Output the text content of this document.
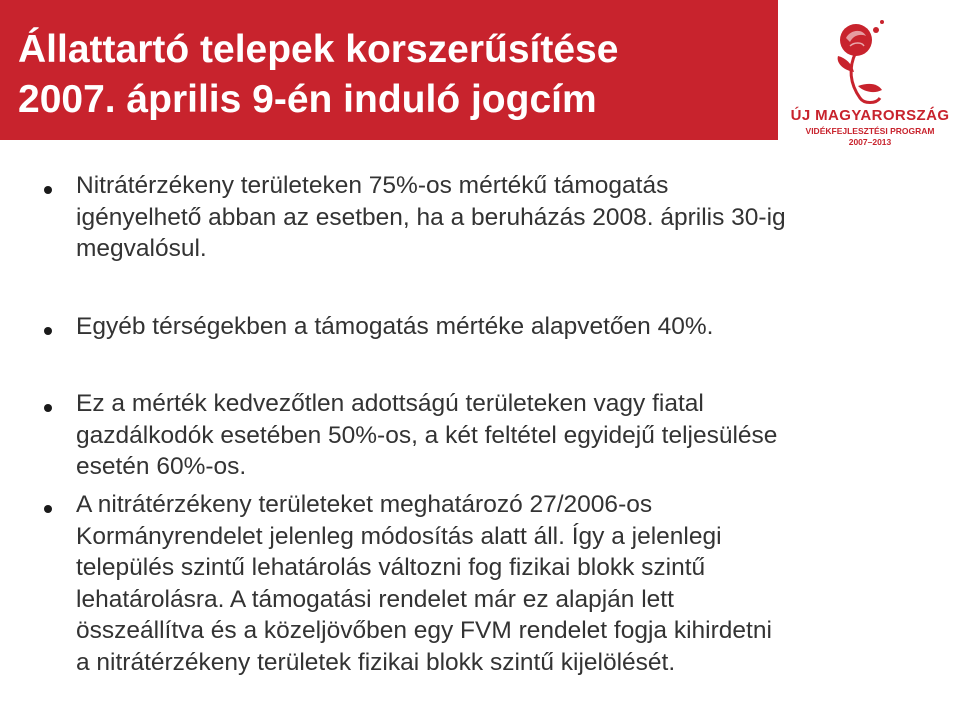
Állattartó telepek korszerűsítése
2007. április 9-én induló jogcím	ÚJ MAGYARORSZÁG
VIDÉKFEJLESZTÉSI PROGRAM
2007–2013
Nitrátérzékeny területeken 75%-os mértékű támogatás
igényelhető abban az esetben, ha a beruházás 2008. április 30-ig
megvalósul.
Egyéb térségekben a támogatás mértéke alapvetően 40%.
Ez a mérték kedvezőtlen adottságú területeken vagy fiatal
gazdálkodók esetében 50%-os, a két feltétel egyidejű teljesülése
esetén 60%-os.
A nitrátérzékeny területeket meghatározó 27/2006-os
Kormányrendelet jelenleg módosítás alatt áll. Így a jelenlegi
település szintű lehatárolás változni fog fizikai blokk szintű
lehatárolásra. A támogatási rendelet már ez alapján lett
összeállítva és a közeljövőben egy FVM rendelet fogja kihirdetni
a nitrátérzékeny területek fizikai blokk szintű kijelölését.
